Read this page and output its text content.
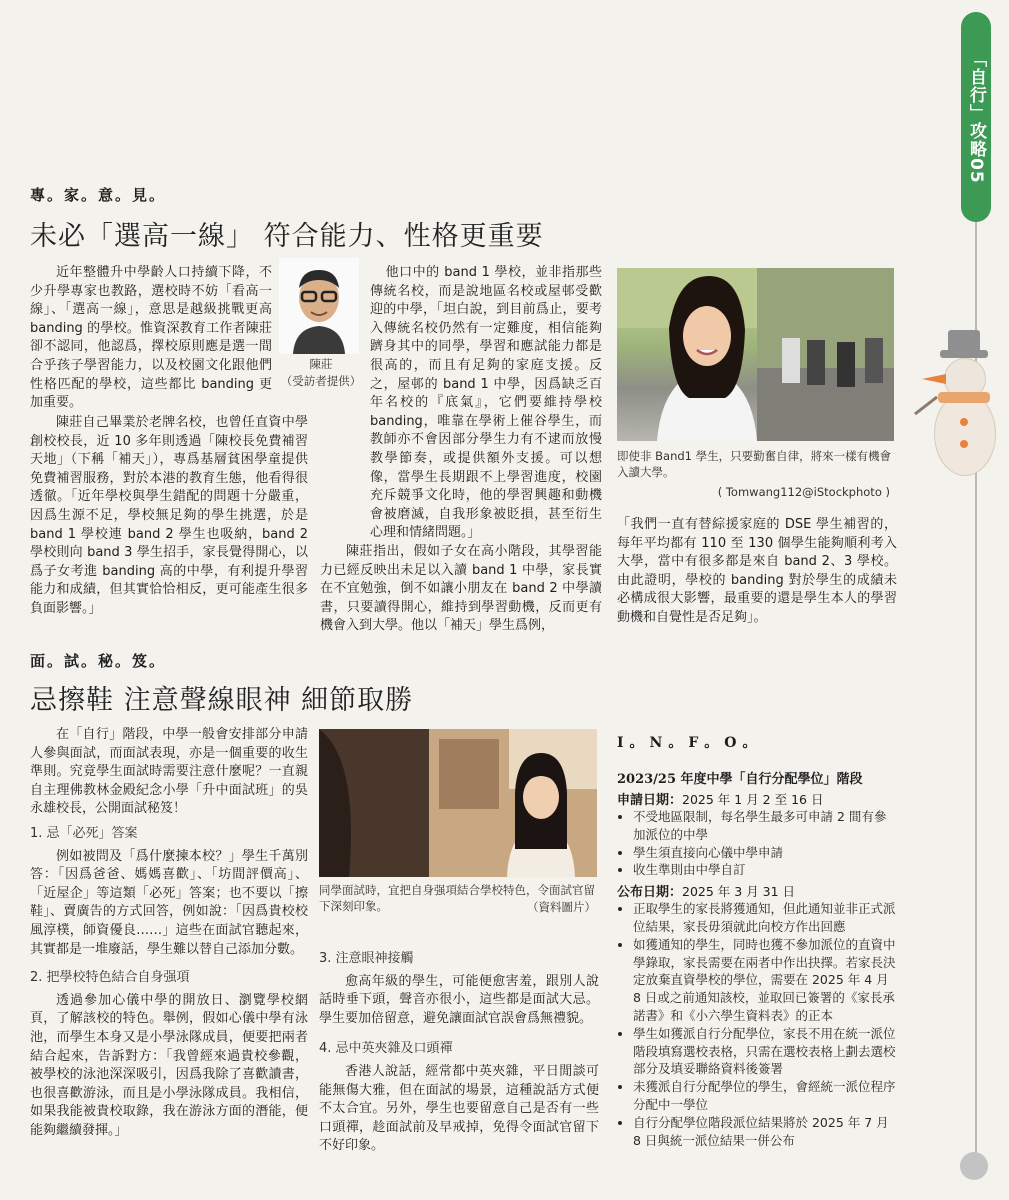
「自行」攻略05
專。家。意。見。
未必「選高一線」 符合能力、性格更重要
陳莊
（受訪者提供）

近年整體升中學齡人口持續下降，不少升學專家也教路，選校時不妨「看高一線」、「選高一線」，意思是越級挑戰更高 banding 的學校。惟資深教育工作者陳莊卻不認同，他認爲，擇校原則應是選一間合乎孩子學習能力，以及校園文化跟他們性格匹配的學校，這些都比 banding 更加重要。

陳莊自己畢業於老牌名校，也曾任直資中學創校校長，近 10 多年則透過「陳校長免費補習天地」（下稱「補天」），專爲基層貧困學童提供免費補習服務，對於本港的教育生態，他看得很透徹。「近年學校與學生錯配的問題十分嚴重，因爲生源不足，學校無足夠的學生挑選，於是 band 1 學校連 band 2 學生也吸納，band 2 學校則向 band 3 學生招手，家長覺得開心，以爲子女考進 banding 高的中學，有利提升學習能力和成績，但其實恰恰相反，更可能產生很多負面影響。」

他口中的 band 1 學校，並非指那些傳統名校，而是說地區名校或屋邨受歡迎的中學，「坦白說，到目前爲止，要考入傳統名校仍然有一定難度，相信能夠躋身其中的同學，學習和應試能力都是很高的，而且有足夠的家庭支援。反之，屋邨的 band 1 中學，因爲缺乏百年名校的『底氣』，它們要維持學校 banding，唯靠在學術上催谷學生，而教師亦不會因部分學生力有不逮而放慢教學節奏，或提供額外支援。可以想像，當學生長期跟不上學習進度，校園充斥競爭文化時，他的學習興趣和動機會被磨滅，自我形象被貶損，甚至衍生心理和情緒問題。」

陳莊指出，假如子女在高小階段，其學習能力已經反映出未足以入讀 band 1 中學，家長實在不宜勉強，倒不如讓小朋友在 band 2 中學讀書，只要讀得開心，維持到學習動機，反而更有機會入到大學。他以「補天」學生爲例，

即使非 Band1 學生，只要勤奮自律，將來一樣有機會入讀大學。
( Tomwang112@iStockphoto )

「我們一直有替綜援家庭的 DSE 學生補習的，每年平均都有 110 至 130 個學生能夠順利考入大學，當中有很多都是來自 band 2、3 學校。由此證明，學校的 banding 對於學生的成績未必構成很大影響，最重要的還是學生本人的學習動機和自覺性是否足夠」。

面。試。秘。笈。
忌擦鞋 注意聲線眼神 細節取勝

在「自行」階段，中學一般會安排部分申請人參與面試，而面試表現，亦是一個重要的收生準則。究竟學生面試時需要注意什麼呢？一直親自主理佛教林金殿紀念小學「升中面試班」的吳永雄校長，公開面試秘笈！

1. 忌「必死」答案

例如被問及「爲什麼揀本校？」學生千萬別答：「因爲爸爸、媽媽喜歡」、「坊間評價高」、「近屋企」等這類「必死」答案；也不要以「擦鞋」、賣廣告的方式回答，例如說：「因爲貴校校風淳樸，師資優良……」這些在面試官聽起來，其實都是一堆廢話，學生難以替自己添加分數。

2. 把學校特色結合自身强項

透過參加心儀中學的開放日、瀏覽學校網頁，了解該校的特色。舉例，假如心儀中學有泳池，而學生本身又是小學泳隊成員，便要把兩者結合起來，告訴對方：「我曾經來過貴校參觀，被學校的泳池深深吸引，因爲我除了喜歡讀書，也很喜歡游泳，而且是小學泳隊成員。我相信，如果我能被貴校取錄，我在游泳方面的潛能，便能夠繼續發揮。」

同學面試時，宜把自身强項結合學校特色，令面試官留下深刻印象。	（資料圖片）
3. 注意眼神接觸

愈高年級的學生，可能便愈害羞，跟別人說話時垂下頭，聲音亦很小，這些都是面試大忌。學生要加倍留意，避免讓面試官誤會爲無禮貌。

4. 忌中英夾雜及口頭禪

香港人說話，經常都中英夾雜，平日閒談可能無傷大雅，但在面試的場景，這種說話方式便不太合宜。另外，學生也要留意自己是否有一些口頭禪，趁面試前及早戒掉，免得令面試官留下不好印象。

I。N。F。O。
2023/25 年度中學「自行分配學位」階段
申請日期：2025 年 1 月 2 至 16 日
• 不受地區限制，每名學生最多可申請 2 間有參加派位的中學
• 學生須直接向心儀中學申請
• 收生準則由中學自訂
公布日期：2025 年 3 月 31 日
• 正取學生的家長將獲通知，但此通知並非正式派位結果，家長毋須就此向校方作出回應
• 如獲通知的學生，同時也獲不參加派位的直資中學錄取，家長需要在兩者中作出抉擇。若家長決定放棄直資學校的學位，需要在 2025 年 4 月 8 日或之前通知該校，並取回已簽署的《家長承諾書》和《小六學生資料表》的正本
• 學生如獲派自行分配學位，家長不用在統一派位階段填寫選校表格，只需在選校表格上劃去選校部分及填妥聯絡資料後簽署
• 未獲派自行分配學位的學生，會經統一派位程序分配中一學位
• 自行分配學位階段派位結果將於 2025 年 7 月 8 日與統一派位結果一併公布
